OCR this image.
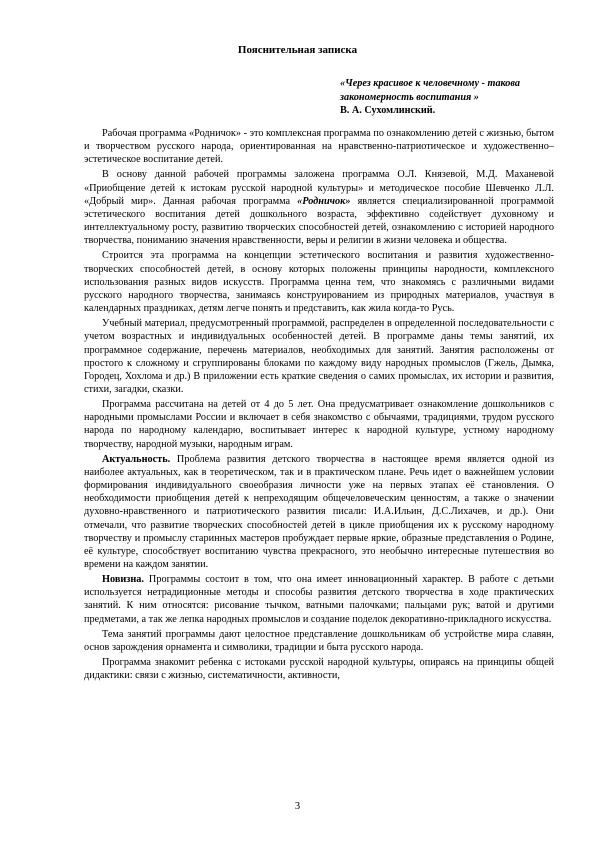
Пояснительная записка
«Через красивое к человечному - такова закономерность воспитания »
В. А. Сухомлинский.

Рабочая программа «Родничок» - это комплексная программа по ознакомлению детей с жизнью, бытом и творчеством русского народа, ориентированная на нравственно-патриотическое и художественно–эстетическое воспитание детей.

В основу данной рабочей программы заложена программа О.Л. Князевой, М.Д. Маханевой «Приобщение детей к истокам русской народной культуры» и методическое пособие Шевченко Л.Л. «Добрый мир». Данная рабочая программа «Родничок» является специализированной программой эстетического воспитания детей дошкольного возраста, эффективно содействует духовному и интеллектуальному росту, развитию творческих способностей детей, ознакомлению с историей народного творчества, пониманию значения нравственности, веры и религии в жизни человека и общества.

Строится эта программа на концепции эстетического воспитания и развития художественно-творческих способностей детей, в основу которых положены принципы народности, комплексного использования разных видов искусств. Программа ценна тем, что знакомясь с различными видами русского народного творчества, занимаясь конструированием из природных материалов, участвуя в календарных праздниках, детям легче понять и представить, как жила когда-то Русь.

Учебный материал, предусмотренный программой, распределен в определенной последовательности с учетом возрастных и индивидуальных особенностей детей. В программе даны темы занятий, их программное содержание, перечень материалов, необходимых для занятий. Занятия расположены от простого к сложному и сгруппированы блоками по каждому виду народных промыслов (Гжель, Дымка, Городец, Хохлома и др.) В приложении есть краткие сведения о самих промыслах, их истории и развития, стихи, загадки, сказки.

Программа рассчитана на детей от 4 до 5 лет. Она предусматривает ознакомление дошкольников с народными промыслами России и включает в себя знакомство с обычаями, традициями, трудом русского народа по народному календарю, воспитывает интерес к народной культуре, устному народному творчеству, народной музыки, народным играм.

Актуальность. Проблема развития детского творчества в настоящее время является одной из наиболее актуальных, как в теоретическом, так и в практическом плане. Речь идет о важнейшем условии формирования индивидуального своеобразия личности уже на первых этапах её становления. О необходимости приобщения детей к непреходящим общечеловеческим ценностям, а также о значении духовно-нравственного и патриотического развития писали: И.А.Ильин, Д.С.Лихачев, и др.). Они отмечали, что развитие творческих способностей детей в цикле приобщения их к русскому народному творчеству и промыслу старинных мастеров пробуждает первые яркие, образные представления о Родине, её культуре, способствует воспитанию чувства прекрасного, это необычно интересные путешествия во времени на каждом занятии.

Новизна. Программы состоит в том, что она имеет инновационный характер. В работе с детьми используется нетрадиционные методы и способы развития детского творчества в ходе практических занятий. К ним относятся: рисование тычком, ватными палочками; пальцами рук; ватой и другими предметами, а так же лепка народных промыслов и создание поделок декоративно-прикладного искусства.

Тема занятий программы дают целостное представление дошкольникам об устройстве мира славян, основ зарождения орнамента и символики, традиции и быта русского народа.

Программа знакомит ребенка с истоками русской народной культуры, опираясь на принципы общей дидактики: связи с жизнью, систематичности, активности,

3
